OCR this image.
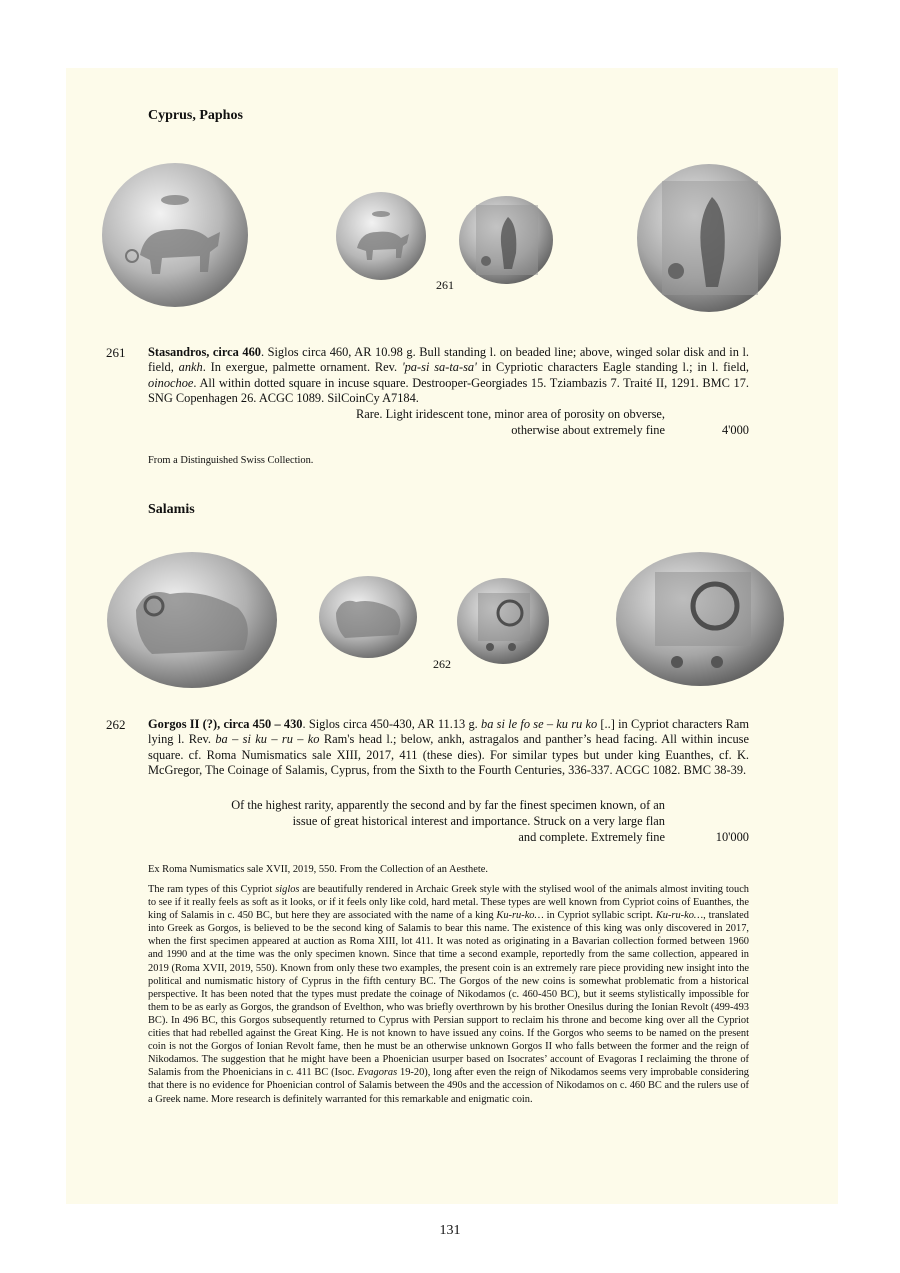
Cyprus, Paphos
261
261 Stasandros, circa 460. Siglos circa 460, AR 10.98 g. Bull standing l. on beaded line; above, winged solar disk and in l. field, ankh. In exergue, palmette ornament. Rev. 'pa-si sa-ta-sa' in Cypriotic characters Eagle standing l.; in l. field, oinochoe. All within dotted square in incuse square. Destrooper-Georgiades 15. Tziambazis 7. Traité II, 1291. BMC 17. SNG Copenhagen 26. ACGC 1089. SilCoinCy A7184.
Rare. Light iridescent tone, minor area of porosity on obverse,
otherwise about extremely fine	4'000
From a Distinguished Swiss Collection.
Salamis
262
262 Gorgos II (?), circa 450 – 430. Siglos circa 450-430, AR 11.13 g. ba si le fo se – ku ru ko [..] in Cypriot characters Ram lying l. Rev. ba – si ku – ru – ko Ram's head l.; below, ankh, astragalos and panther’s head facing. All within incuse square. cf. Roma Numismatics sale XIII, 2017, 411 (these dies). For similar types but under king Euanthes, cf. K. McGregor, The Coinage of Salamis, Cyprus, from the Sixth to the Fourth Centuries, 336-337. ACGC 1082. BMC 38-39.
Of the highest rarity, apparently the second and by far the finest specimen known, of an
issue of great historical interest and importance. Struck on a very large flan
and complete. Extremely fine	10'000
Ex Roma Numismatics sale XVII, 2019, 550. From the Collection of an Aesthete.
The ram types of this Cypriot siglos are beautifully rendered in Archaic Greek style with the stylised wool of the animals almost inviting touch to see if it really feels as soft as it looks, or if it feels only like cold, hard metal. These types are well known from Cypriot coins of Euanthes, the king of Salamis in c. 450 BC, but here they are associated with the name of a king Ku-ru-ko… in Cypriot syllabic script. Ku-ru-ko…, translated into Greek as Gorgos, is believed to be the second king of Salamis to bear this name. The existence of this king was only discovered in 2017, when the first specimen appeared at auction as Roma XIII, lot 411. It was noted as originating in a Bavarian collection formed between 1960 and 1990 and at the time was the only specimen known. Since that time a second example, reportedly from the same collection, appeared in 2019 (Roma XVII, 2019, 550). Known from only these two examples, the present coin is an extremely rare piece providing new insight into the political and numismatic history of Cyprus in the fifth century BC. The Gorgos of the new coins is somewhat problematic from a historical perspective. It has been noted that the types must predate the coinage of Nikodamos (c. 460-450 BC), but it seems stylistically impossible for them to be as early as Gorgos, the grandson of Evelthon, who was briefly overthrown by his brother Onesilus during the Ionian Revolt (499-493 BC). In 496 BC, this Gorgos subsequently returned to Cyprus with Persian support to reclaim his throne and become king over all the Cypriot cities that had rebelled against the Great King. He is not known to have issued any coins. If the Gorgos who seems to be named on the present coin is not the Gorgos of Ionian Revolt fame, then he must be an otherwise unknown Gorgos II who falls between the former and the reign of Nikodamos. The suggestion that he might have been a Phoenician usurper based on Isocrates’ account of Evagoras I reclaiming the throne of Salamis from the Phoenicians in c. 411 BC (Isoc. Evagoras 19-20), long after even the reign of Nikodamos seems very improbable considering that there is no evidence for Phoenician control of Salamis between the 490s and the accession of Nikodamos on c. 460 BC and the rulers use of a Greek name. More research is definitely warranted for this remarkable and enigmatic coin.
131
